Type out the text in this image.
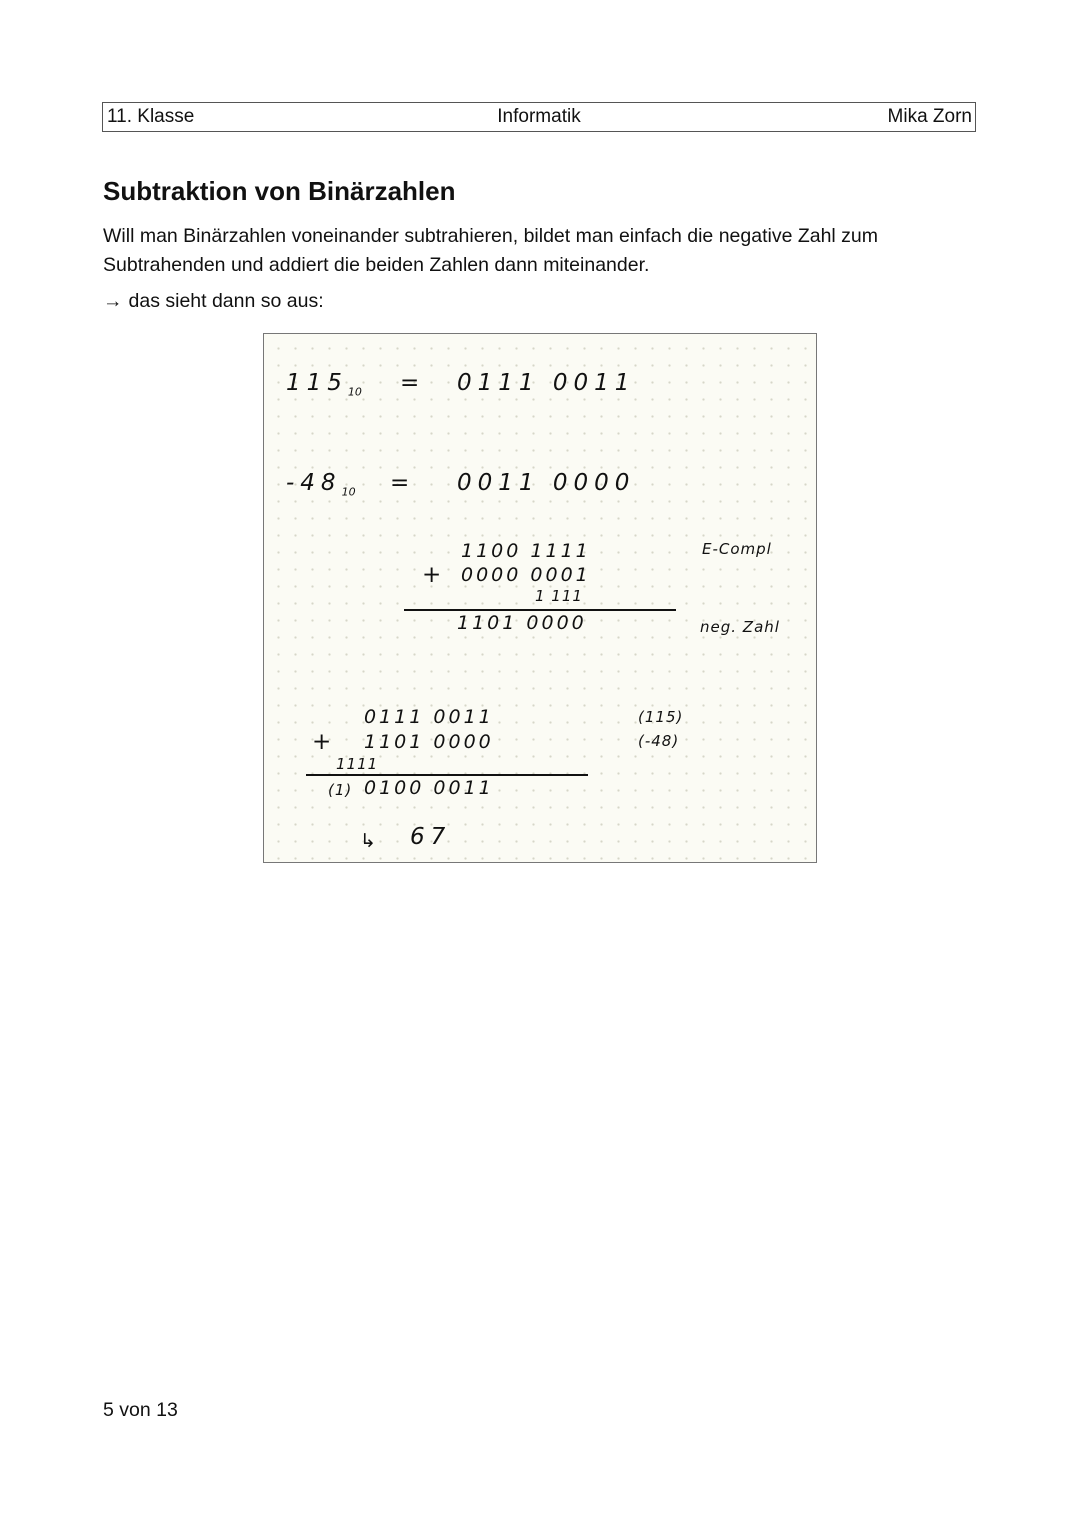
11. Klasse	Informatik	Mika Zorn
Subtraktion von Binärzahlen

Will man Binärzahlen voneinander subtrahieren, bildet man einfach die negative Zahl zum Subtrahenden und addiert die beiden Zahlen dann miteinander.

→ das sieht dann so aus:

$115_{10} = 0111$ 0011
$-48_{10} = 0011$ 0000
1100 1111	E-Compl
+ 0000 0001
1 111
1101 0000	neg. Zahl
0111 0011	(115)
+ 1101 0000	(-48)
1111
(1) 0100 0011
↳ 67

5 von 13
